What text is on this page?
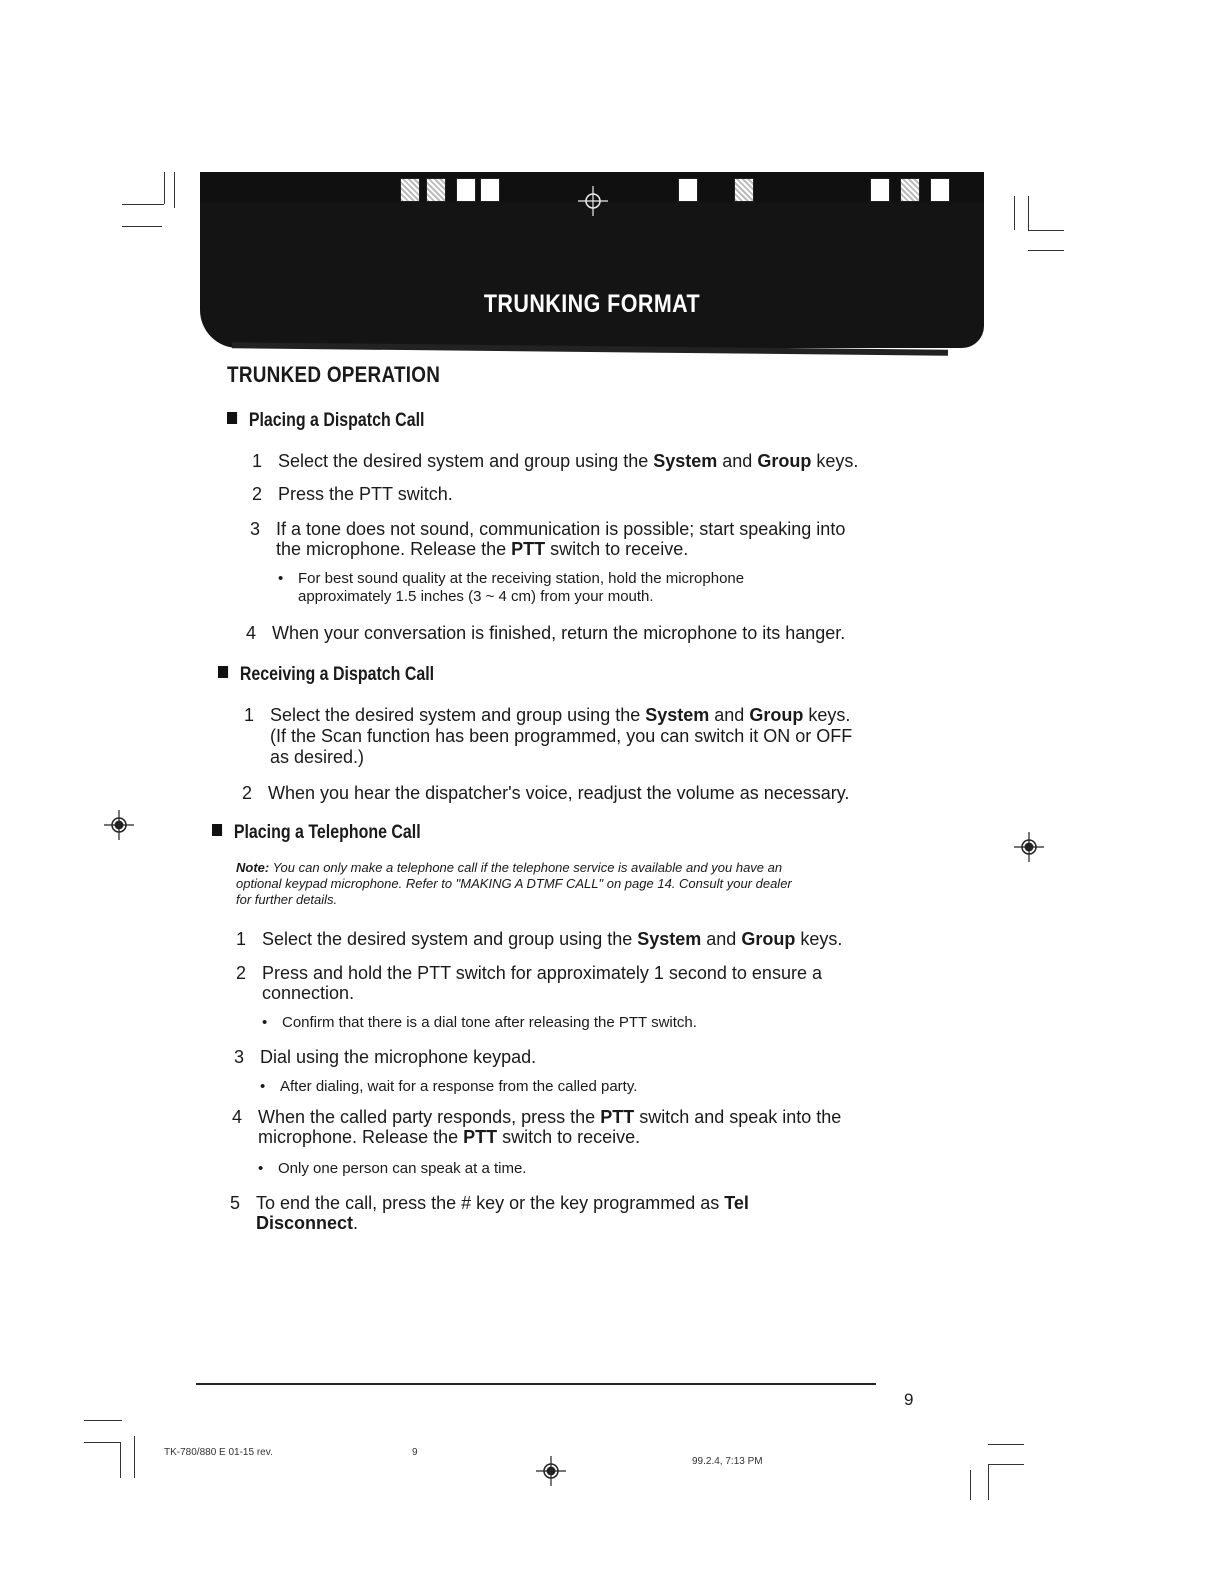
TRUNKING FORMAT
TRUNKED OPERATION
Placing a Dispatch Call
1 Select the desired system and group using the System and Group keys.
2 Press the PTT switch.
3 If a tone does not sound, communication is possible; start speaking into
the microphone. Release the PTT switch to receive.
• For best sound quality at the receiving station, hold the microphone
approximately 1.5 inches (3 ~ 4 cm) from your mouth.
4 When your conversation is finished, return the microphone to its hanger.
Receiving a Dispatch Call
1 Select the desired system and group using the System and Group keys.
(If the Scan function has been programmed, you can switch it ON or OFF
as desired.)
2 When you hear the dispatcher's voice, readjust the volume as necessary.
Placing a Telephone Call
Note: You can only make a telephone call if the telephone service is available and you have an
optional keypad microphone. Refer to "MAKING A DTMF CALL" on page 14. Consult your dealer
for further details.
1 Select the desired system and group using the System and Group keys.
2 Press and hold the PTT switch for approximately 1 second to ensure a
connection.
• Confirm that there is a dial tone after releasing the PTT switch.
3 Dial using the microphone keypad.
• After dialing, wait for a response from the called party.
4 When the called party responds, press the PTT switch and speak into the
microphone. Release the PTT switch to receive.
• Only one person can speak at a time.
5 To end the call, press the # key or the key programmed as Tel
Disconnect.
9
TK-780/880 E 01-15 rev.	9
99.2.4, 7:13 PM
